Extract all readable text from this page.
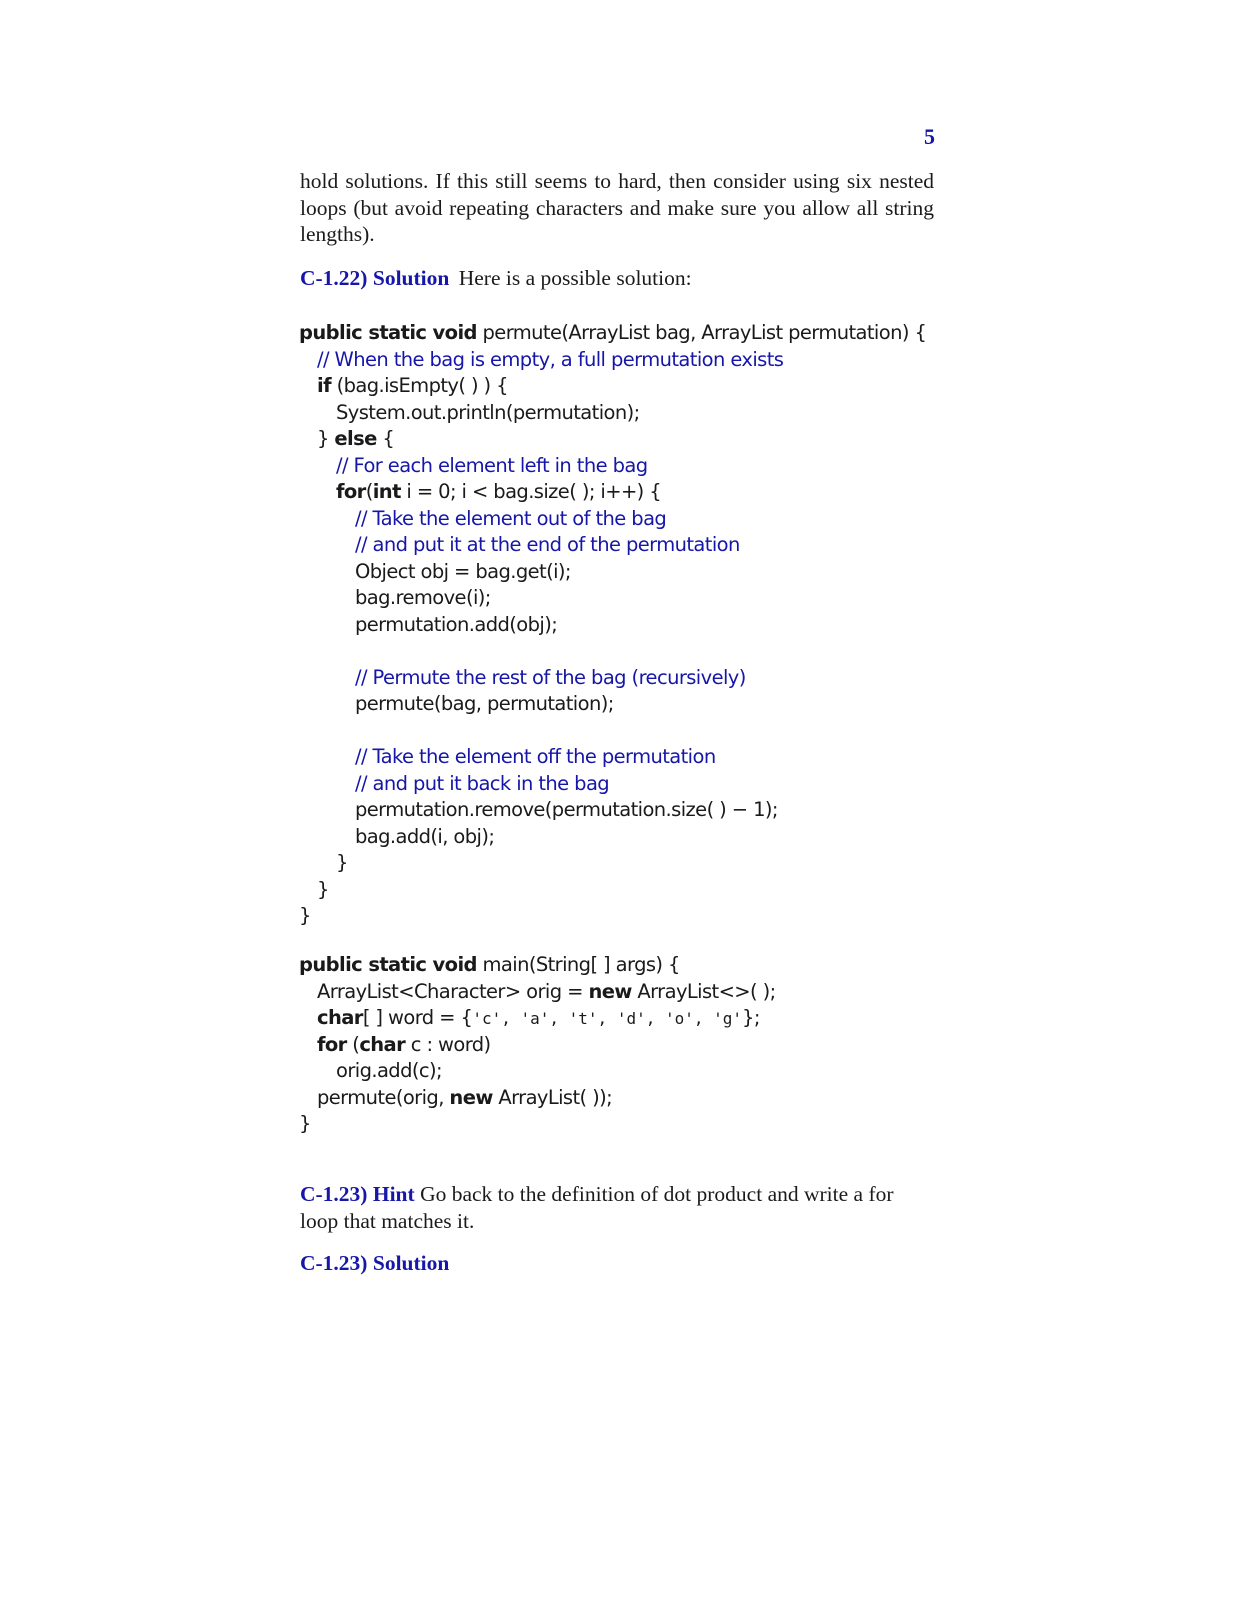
5
hold solutions. If this still seems to hard, then consider using six nested loops (but avoid repeating characters and make sure you allow all string lengths).
C-1.22) Solution Here is a possible solution:
public static void permute(ArrayList bag, ArrayList permutation) {
// When the bag is empty, a full permutation exists
if (bag.isEmpty( ) ) {
System.out.println(permutation);
} else {
// For each element left in the bag
for(int i = 0; i < bag.size( ); i++) {
// Take the element out of the bag
// and put it at the end of the permutation
Object obj = bag.get(i);
bag.remove(i);
permutation.add(obj);
// Permute the rest of the bag (recursively)
permute(bag, permutation);
// Take the element off the permutation
// and put it back in the bag
permutation.remove(permutation.size( ) − 1);
bag.add(i, obj);
}
}
}
public static void main(String[ ] args) {
ArrayList<Character> orig = new ArrayList<>( );
char[ ] word = {'c', 'a', 't', 'd', 'o', 'g'};
for (char c : word)
orig.add(c);
permute(orig, new ArrayList( ));
}
C-1.23) Hint Go back to the definition of dot product and write a for loop that matches it.
C-1.23) Solution
